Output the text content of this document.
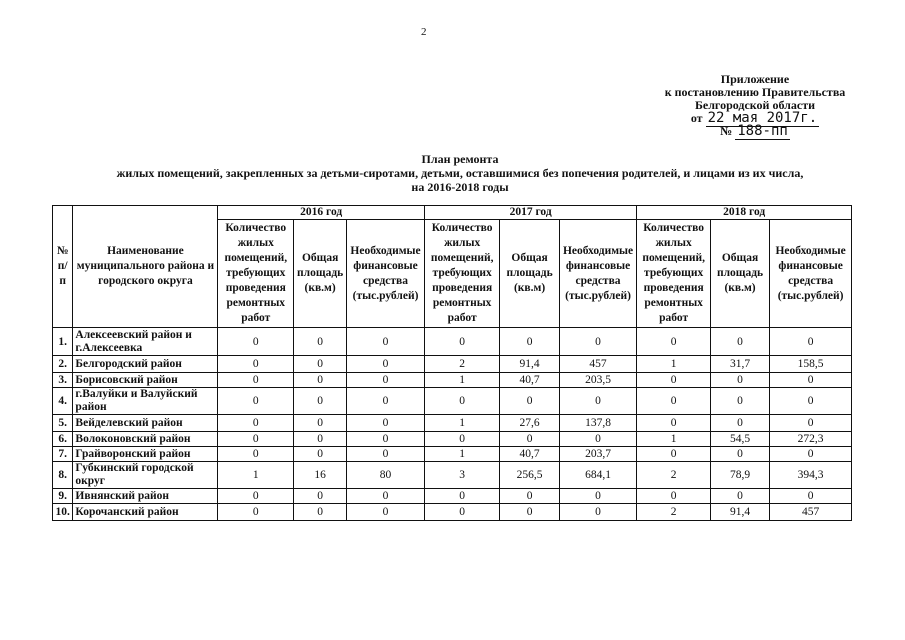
2
Приложение
к постановлению Правительства
Белгородской области
от 22 мая 2017г.
№ 188-пп
План ремонта
жилых помещений, закрепленных за детьми-сиротами, детьми, оставшимися без попечения родителей, и лицами из их числа,
на 2016-2018 годы
№ п/п	Наименование муниципального района и городского округа	2016 год			2017 год			2018 год		
		Количество жилых помещений, требующих проведения ремонтных работ	Общая площадь (кв.м)	Необходимые финансовые средства (тыс.рублей)	Количество жилых помещений, требующих проведения ремонтных работ	Общая площадь (кв.м)	Необходимые финансовые средства (тыс.рублей)	Количество жилых помещений, требующих проведения ремонтных работ	Общая площадь (кв.м)	Необходимые финансовые средства (тыс.рублей)
1.	Алексеевский район и г.Алексеевка	0	0	0	0	0	0	0	0	0
2.	Белгородский район	0	0	0	2	91,4	457	1	31,7	158,5
3.	Борисовский район	0	0	0	1	40,7	203,5	0	0	0
4.	г.Валуйки и Валуйский район	0	0	0	0	0	0	0	0	0
5.	Вейделевский район	0	0	0	1	27,6	137,8	0	0	0
6.	Волоконовский район	0	0	0	0	0	0	1	54,5	272,3
7.	Грайворонский район	0	0	0	1	40,7	203,7	0	0	0
8.	Губкинский городской округ	1	16	80	3	256,5	684,1	2	78,9	394,3
9.	Ивнянский район	0	0	0	0	0	0	0	0	0
10.	Корочанский район	0	0	0	0	0	0	2	91,4	457
